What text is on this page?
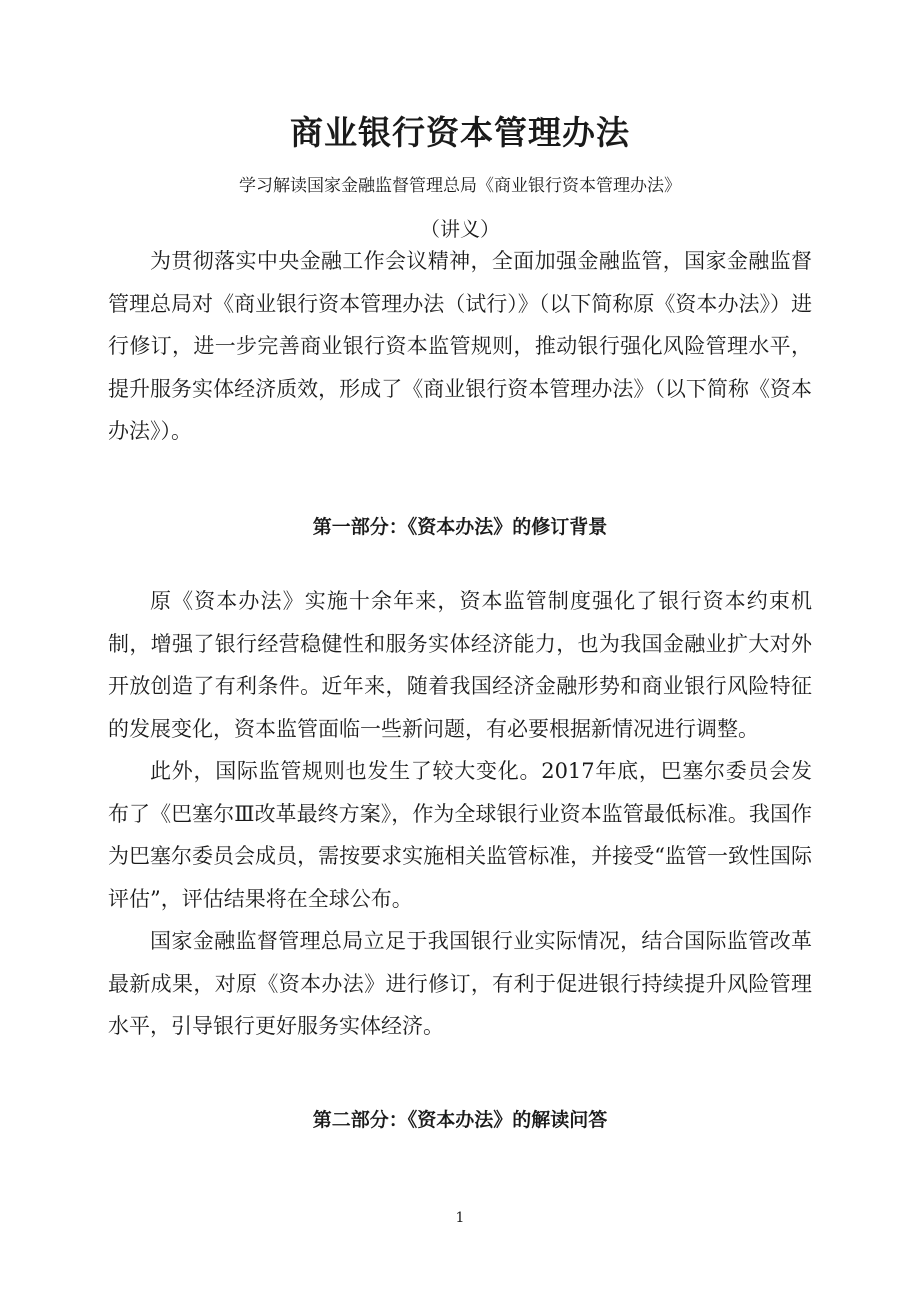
商业银行资本管理办法
学习解读国家金融监督管理总局《商业银行资本管理办法》
（讲义）

为贯彻落实中央金融工作会议精神，全面加强金融监管，国家金融监督管理总局对《商业银行资本管理办法（试行）》（以下简称原《资本办法》）进行修订，进一步完善商业银行资本监管规则，推动银行强化风险管理水平，提升服务实体经济质效，形成了《商业银行资本管理办法》（以下简称《资本办法》）。

第一部分：《资本办法》的修订背景

原《资本办法》实施十余年来，资本监管制度强化了银行资本约束机制，增强了银行经营稳健性和服务实体经济能力，也为我国金融业扩大对外开放创造了有利条件。近年来，随着我国经济金融形势和商业银行风险特征的发展变化，资本监管面临一些新问题，有必要根据新情况进行调整。

此外，国际监管规则也发生了较大变化。2017年底，巴塞尔委员会发布了《巴塞尔Ⅲ改革最终方案》，作为全球银行业资本监管最低标准。我国作为巴塞尔委员会成员，需按要求实施相关监管标准，并接受“监管一致性国际评估”，评估结果将在全球公布。

国家金融监督管理总局立足于我国银行业实际情况，结合国际监管改革最新成果，对原《资本办法》进行修订，有利于促进银行持续提升风险管理水平，引导银行更好服务实体经济。

第二部分：《资本办法》的解读问答
1
